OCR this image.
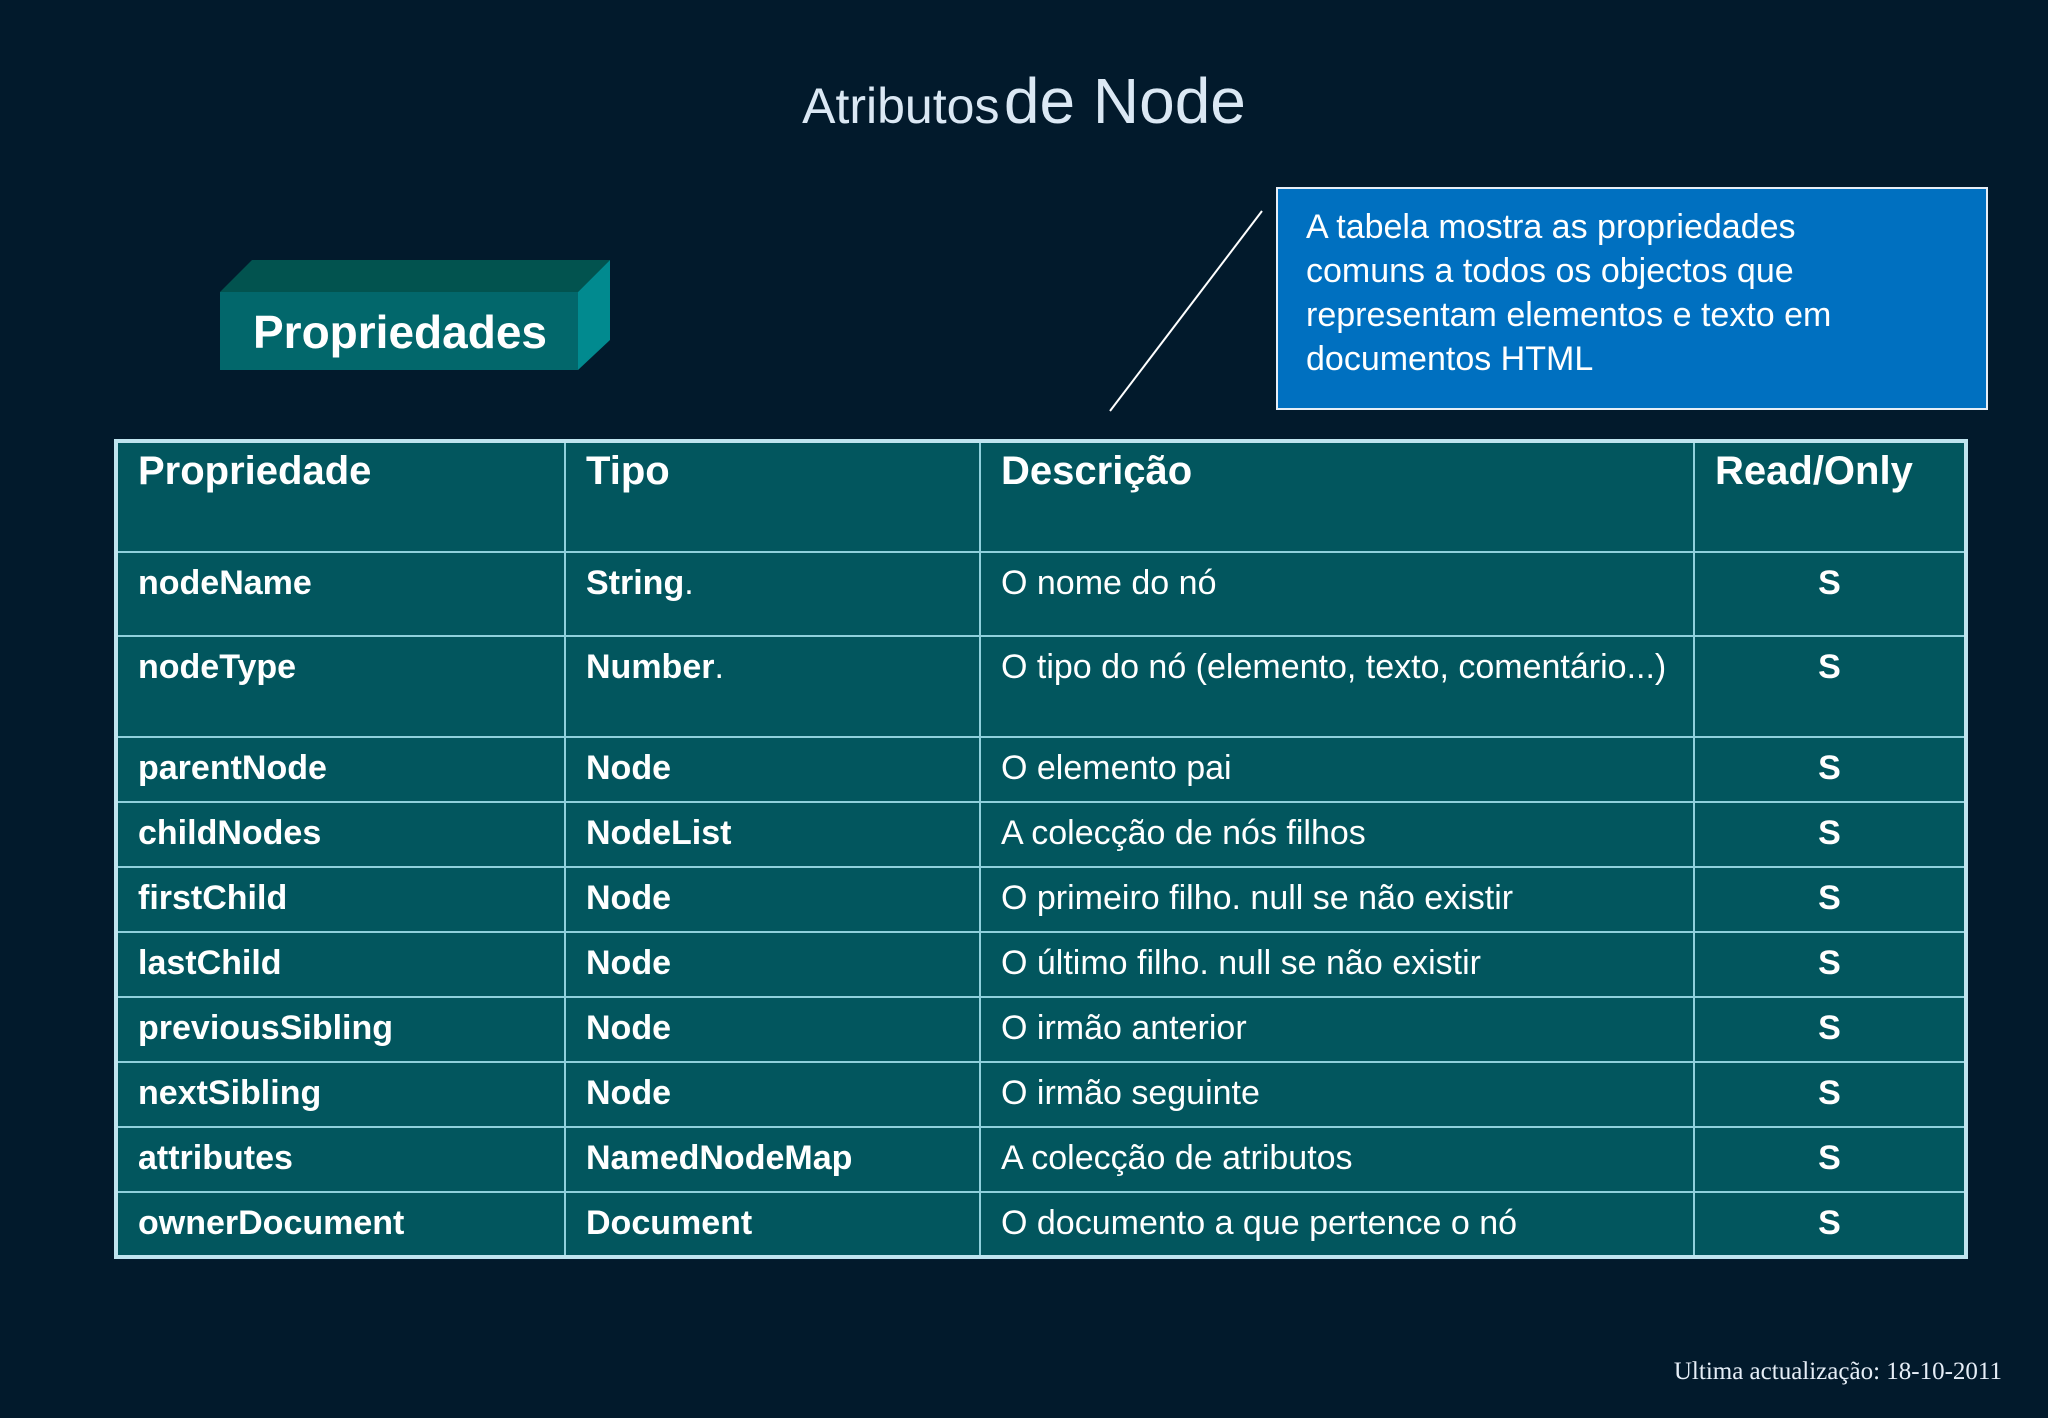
Atributos de Node
Propriedades
A tabela mostra as propriedades
comuns a todos os objectos que
representam elementos e texto em
documentos HTML
Propriedade	Tipo	Descrição	Read/Only
nodeName	String.	O nome do nó	S
nodeType	Number.	O tipo do nó (elemento, texto, comentário...)	S
parentNode	Node	O elemento pai	S
childNodes	NodeList	A colecção de nós filhos	S
firstChild	Node	O primeiro filho. null se não existir	S
lastChild	Node	O último filho. null se não existir	S
previousSibling	Node	O irmão anterior	S
nextSibling	Node	O irmão seguinte	S
attributes	NamedNodeMap	A colecção de atributos	S
ownerDocument	Document	O documento a que pertence o nó	S
Ultima actualização: 18-10-2011
